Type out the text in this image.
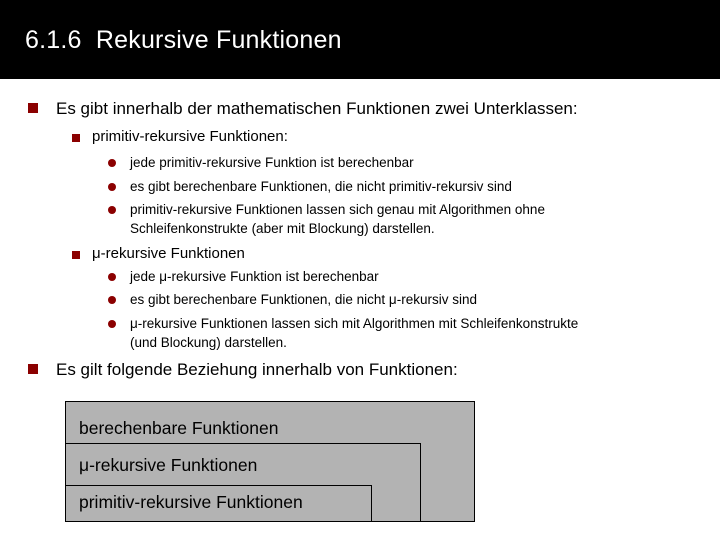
6.1.6  Rekursive Funktionen
Es gibt innerhalb der mathematischen Funktionen zwei Unterklassen:
primitiv-rekursive Funktionen:
jede primitiv-rekursive Funktion ist berechenbar
es gibt berechenbare Funktionen, die nicht primitiv-rekursiv sind
primitiv-rekursive Funktionen lassen sich genau mit Algorithmen ohne
Schleifenkonstrukte (aber mit Blockung) darstellen.
μ-rekursive Funktionen
jede μ-rekursive Funktion ist berechenbar
es gibt berechenbare Funktionen, die nicht μ-rekursiv sind
μ-rekursive Funktionen lassen sich mit Algorithmen mit Schleifenkonstrukte
(und Blockung) darstellen.
Es gilt folgende Beziehung innerhalb von Funktionen:
berechenbare Funktionen
μ-rekursive Funktionen
primitiv-rekursive Funktionen
